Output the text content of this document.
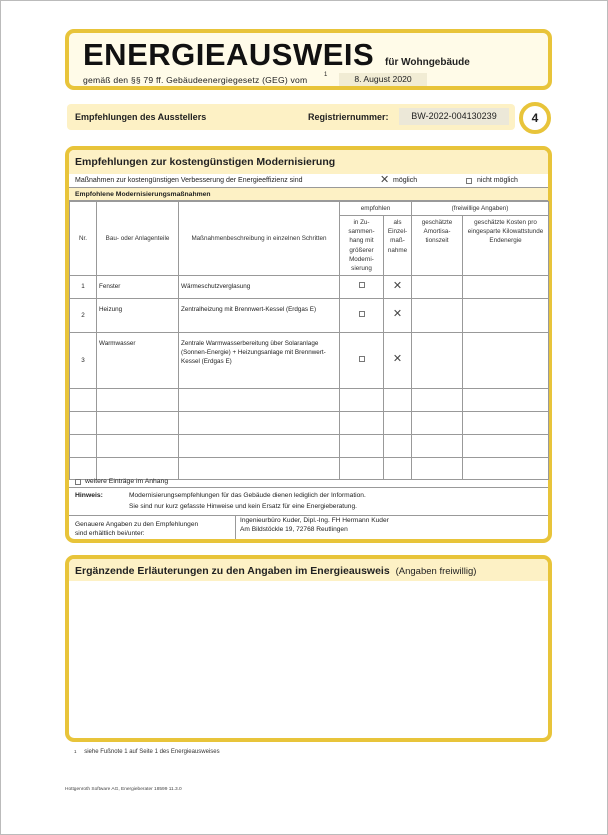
ENERGIEAUSWEIS für Wohngebäude
gemäß den §§ 79 ff. Gebäudeenergiegesetz (GEG) vom	1	8. August 2020
Empfehlungen des Ausstellers	Registriernummer:	BW-2022-004130239	4
Empfehlungen zur kostengünstigen Modernisierung
Maßnahmen zur kostengünstigen Verbesserung der Energieeffizienz sind	✕ möglich	nicht möglich
Empfohlene Modernisierungsmaßnahmen
Nr.	Bau- oder Anlagenteile	Maßnahmenbeschreibung in einzelnen Schritten	empfohlen		(freiwillige Angaben)	
			in Zu-sammen-hang mit größerer Moderni-sierung	als Einzel-maß-nahme	geschätzte Amortisa-tionszeit	geschätzte Kosten pro eingesparte Kilowattstunde Endenergie
1	Fenster	Wärmeschutzverglasung		✕		
2	Heizung	Zentralheizung mit Brennwert-Kessel (Erdgas E)		✕		
3	Warmwasser	Zentrale Warmwasserbereitung über Solaranlage (Sonnen-Energie) + Heizungsanlage mit Brennwert-Kessel (Erdgas E)		✕		

weitere Einträge im Anhang
Hinweis:	Modernisierungsempfehlungen für das Gebäude dienen lediglich der Information.
Sie sind nur kurz gefasste Hinweise und kein Ersatz für eine Energieberatung.
Genauere Angaben zu den Empfehlungen
sind erhältlich bei/unter:
Ingenieurbüro Kuder, Dipl.-Ing. FH Hermann Kuder
Am Bildstöckle 19, 72768 Reutlingen
Ergänzende Erläuterungen zu den Angaben im Energieausweis (Angaben freiwillig)
$^1$ siehe Fußnote 1 auf Seite 1 des Energieausweises
Hottgenroth Software AG, Energieberater 18599 11.3.0
